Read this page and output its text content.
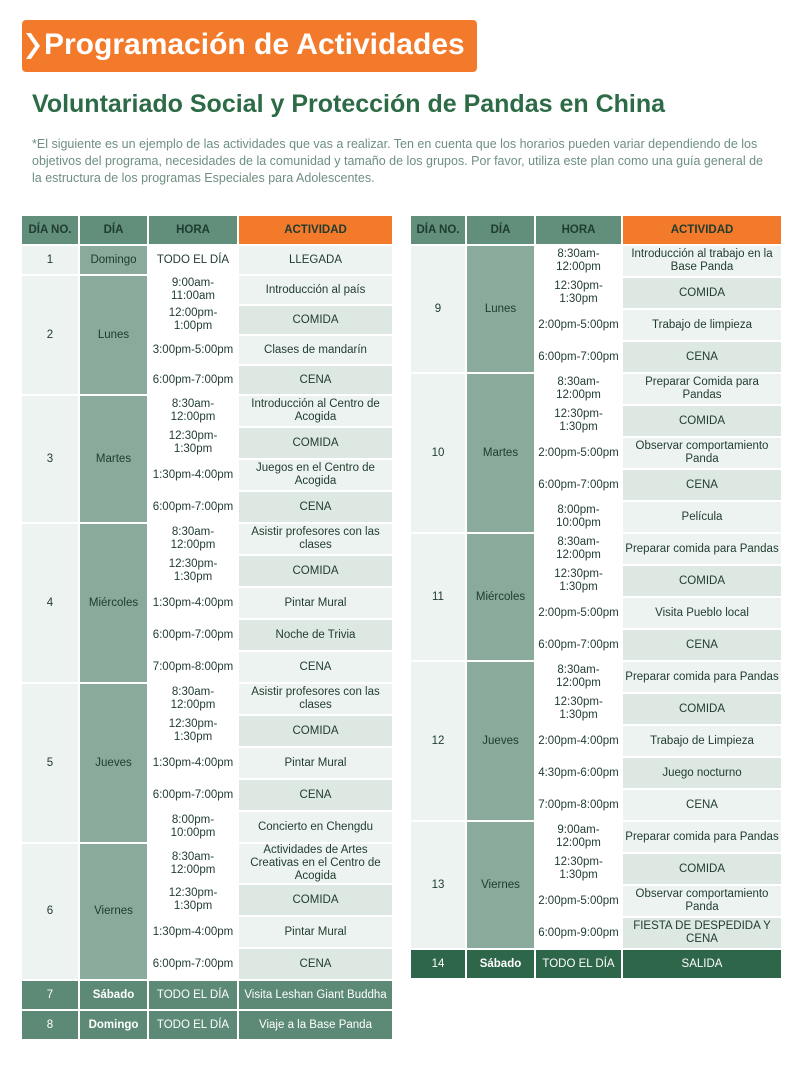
Programación de Actividades
Voluntariado Social y Protección de Pandas en China
*El siguiente es un ejemplo de las actividades que vas a realizar. Ten en cuenta que los horarios pueden variar dependiendo de los objetivos del programa, necesidades de la comunidad y tamaño de los grupos. Por favor, utiliza este plan como una guía general de la estructura de los programas Especiales para Adolescentes.
DÍA NO.	DÍA	HORA	ACTIVIDAD
1	Domingo	TODO EL DÍA	LLEGADA
2	Lunes	9:00am-11:00am	Introducción al país
		12:00pm-1:00pm	COMIDA
		3:00pm-5:00pm	Clases de mandarín
		6:00pm-7:00pm	CENA
3	Martes	8:30am-12:00pm	Introducción al Centro de Acogida
		12:30pm-1:30pm	COMIDA
		1:30pm-4:00pm	Juegos en el Centro de Acogida
		6:00pm-7:00pm	CENA
4	Miércoles	8:30am-12:00pm	Asistir profesores con las clases
		12:30pm-1:30pm	COMIDA
		1:30pm-4:00pm	Pintar Mural
		6:00pm-7:00pm	Noche de Trivia
		7:00pm-8:00pm	CENA
5	Jueves	8:30am-12:00pm	Asistir profesores con las clases
		12:30pm-1:30pm	COMIDA
		1:30pm-4:00pm	Pintar Mural
		6:00pm-7:00pm	CENA
		8:00pm-10:00pm	Concierto en Chengdu
6	Viernes	8:30am-12:00pm	Actividades de Artes Creativas en el Centro de Acogida
		12:30pm-1:30pm	COMIDA
		1:30pm-4:00pm	Pintar Mural
		6:00pm-7:00pm	CENA
7	Sábado	TODO EL DÍA	Visita Leshan Giant Buddha
8	Domingo	TODO EL DÍA	Viaje a la Base Panda
DÍA NO.	DÍA	HORA	ACTIVIDAD
9	Lunes	8:30am-12:00pm	Introducción al trabajo en la Base Panda
		12:30pm-1:30pm	COMIDA
		2:00pm-5:00pm	Trabajo de limpieza
		6:00pm-7:00pm	CENA
10	Martes	8:30am-12:00pm	Preparar Comida para Pandas
		12:30pm-1:30pm	COMIDA
		2:00pm-5:00pm	Observar comportamiento Panda
		6:00pm-7:00pm	CENA
		8:00pm-10:00pm	Película
11	Miércoles	8:30am-12:00pm	Preparar comida para Pandas
		12:30pm-1:30pm	COMIDA
		2:00pm-5:00pm	Visita Pueblo local
		6:00pm-7:00pm	CENA
12	Jueves	8:30am-12:00pm	Preparar comida para Pandas
		12:30pm-1:30pm	COMIDA
		2:00pm-4:00pm	Trabajo de Limpieza
		4:30pm-6:00pm	Juego nocturno
		7:00pm-8:00pm	CENA
13	Viernes	9:00am-12:00pm	Preparar comida para Pandas
		12:30pm-1:30pm	COMIDA
		2:00pm-5:00pm	Observar comportamiento Panda
		6:00pm-9:00pm	FIESTA DE DESPEDIDA Y CENA
14	Sábado	TODO EL DÍA	SALIDA
